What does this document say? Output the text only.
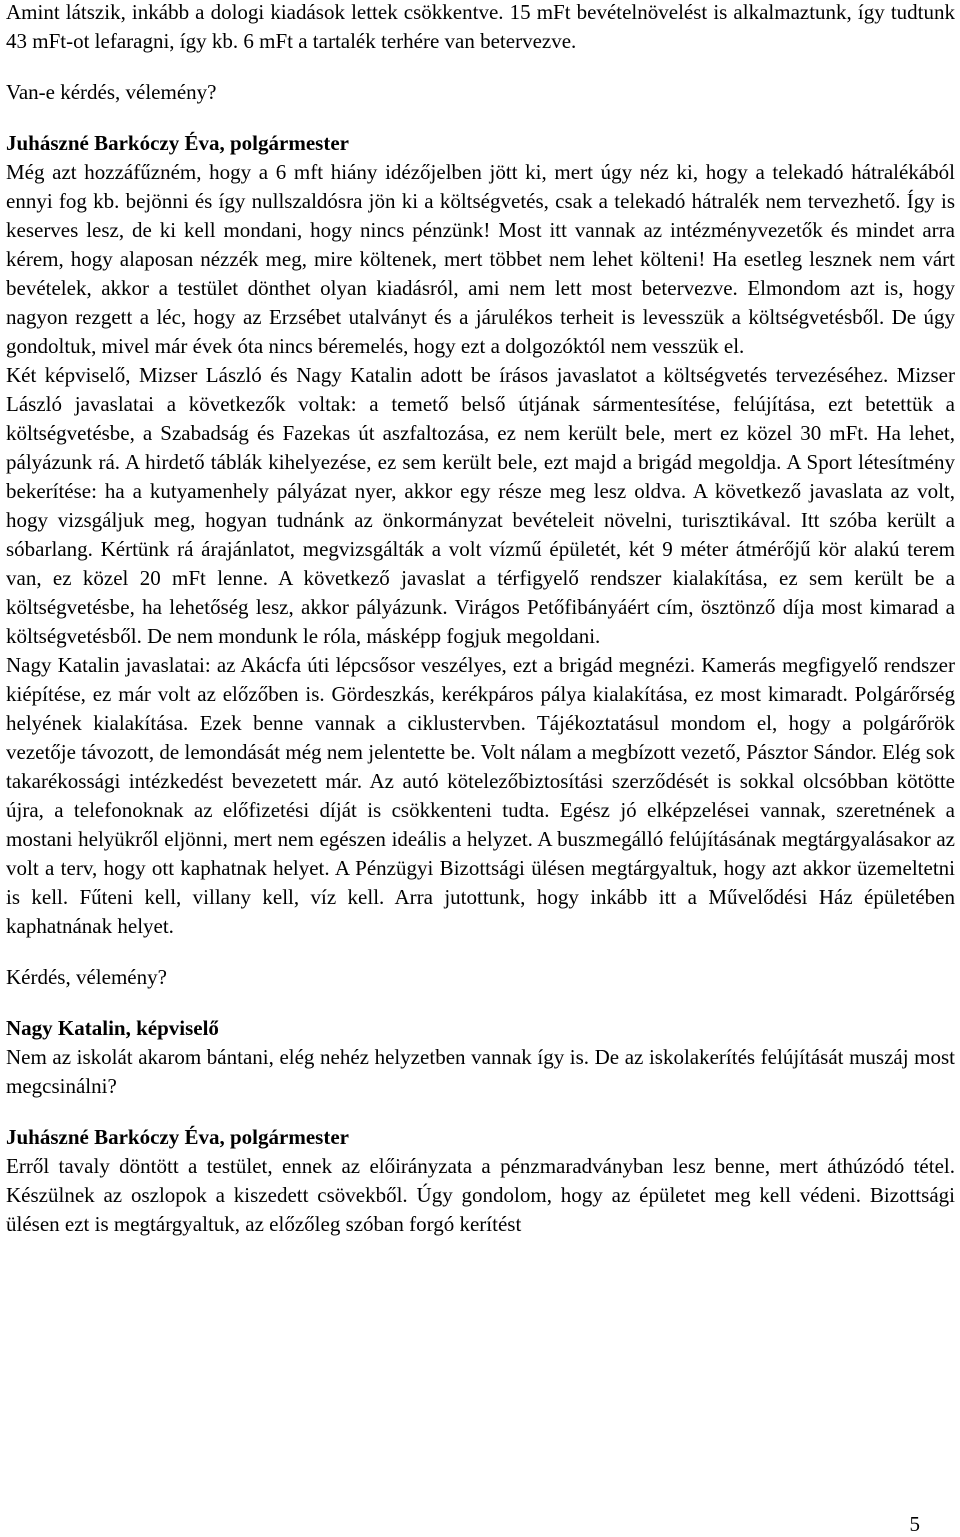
Amint látszik, inkább a dologi kiadások lettek csökkentve. 15 mFt bevételnövelést is alkalmaztunk, így tudtunk 43 mFt-ot lefaragni, így kb. 6 mFt a tartalék terhére van betervezve.

Van-e kérdés, vélemény?

Juhászné Barkóczy Éva, polgármester

Még azt hozzáfűzném, hogy a 6 mft hiány idézőjelben jött ki, mert úgy néz ki, hogy a telekadó hátralékából ennyi fog kb. bejönni és így nullszaldósra jön ki a költségvetés, csak a telekadó hátralék nem tervezhető. Így is keserves lesz, de ki kell mondani, hogy nincs pénzünk! Most itt vannak az intézményvezetők és mindet arra kérem, hogy alaposan nézzék meg, mire költenek, mert többet nem lehet költeni! Ha esetleg lesznek nem várt bevételek, akkor a testület dönthet olyan kiadásról, ami nem lett most betervezve. Elmondom azt is, hogy nagyon rezgett a léc, hogy az Erzsébet utalványt és a járulékos terheit is levesszük a költségvetésből. De úgy gondoltuk, mivel már évek óta nincs béremelés, hogy ezt a dolgozóktól nem vesszük el.

Két képviselő, Mizser László és Nagy Katalin adott be írásos javaslatot a költségvetés tervezéséhez. Mizser László javaslatai a következők voltak: a temető belső útjának sármentesítése, felújítása, ezt betettük a költségvetésbe, a Szabadság és Fazekas út aszfaltozása, ez nem került bele, mert ez közel 30 mFt. Ha lehet, pályázunk rá. A hirdető táblák kihelyezése, ez sem került bele, ezt majd a brigád megoldja. A Sport létesítmény bekerítése: ha a kutyamenhely pályázat nyer, akkor egy része meg lesz oldva. A következő javaslata az volt, hogy vizsgáljuk meg, hogyan tudnánk az önkormányzat bevételeit növelni, turisztikával. Itt szóba került a sóbarlang. Kértünk rá árajánlatot, megvizsgálták a volt vízmű épületét, két 9 méter átmérőjű kör alakú terem van, ez közel 20 mFt lenne. A következő javaslat a térfigyelő rendszer kialakítása, ez sem került be a költségvetésbe, ha lehetőség lesz, akkor pályázunk. Virágos Petőfibányáért cím, ösztönző díja most kimarad a költségvetésből. De nem mondunk le róla, másképp fogjuk megoldani.

Nagy Katalin javaslatai: az Akácfa úti lépcsősor veszélyes, ezt a brigád megnézi. Kamerás megfigyelő rendszer kiépítése, ez már volt az előzőben is. Gördeszkás, kerékpáros pálya kialakítása, ez most kimaradt. Polgárőrség helyének kialakítása. Ezek benne vannak a ciklustervben. Tájékoztatásul mondom el, hogy a polgárőrök vezetője távozott, de lemondását még nem jelentette be. Volt nálam a megbízott vezető, Pásztor Sándor. Elég sok takarékossági intézkedést bevezetett már. Az autó kötelezőbiztosítási szerződését is sokkal olcsóbban kötötte újra, a telefonoknak az előfizetési díját is csökkenteni tudta. Egész jó elképzelései vannak, szeretnének a mostani helyükről eljönni, mert nem egészen ideális a helyzet. A buszmegálló felújításának megtárgyalásakor az volt a terv, hogy ott kaphatnak helyet. A Pénzügyi Bizottsági ülésen megtárgyaltuk, hogy azt akkor üzemeltetni is kell. Fűteni kell, villany kell, víz kell. Arra jutottunk, hogy inkább itt a Művelődési Ház épületében kaphatnának helyet.

Kérdés, vélemény?

Nagy Katalin, képviselő

Nem az iskolát akarom bántani, elég nehéz helyzetben vannak így is. De az iskolakerítés felújítását muszáj most megcsinálni?

Juhászné Barkóczy Éva, polgármester

Erről tavaly döntött a testület, ennek az előirányzata a pénzmaradványban lesz benne, mert áthúzódó tétel. Készülnek az oszlopok a kiszedett csövekből. Úgy gondolom, hogy az épületet meg kell védeni. Bizottsági ülésen ezt is megtárgyaltuk, az előzőleg szóban forgó kerítést

5
